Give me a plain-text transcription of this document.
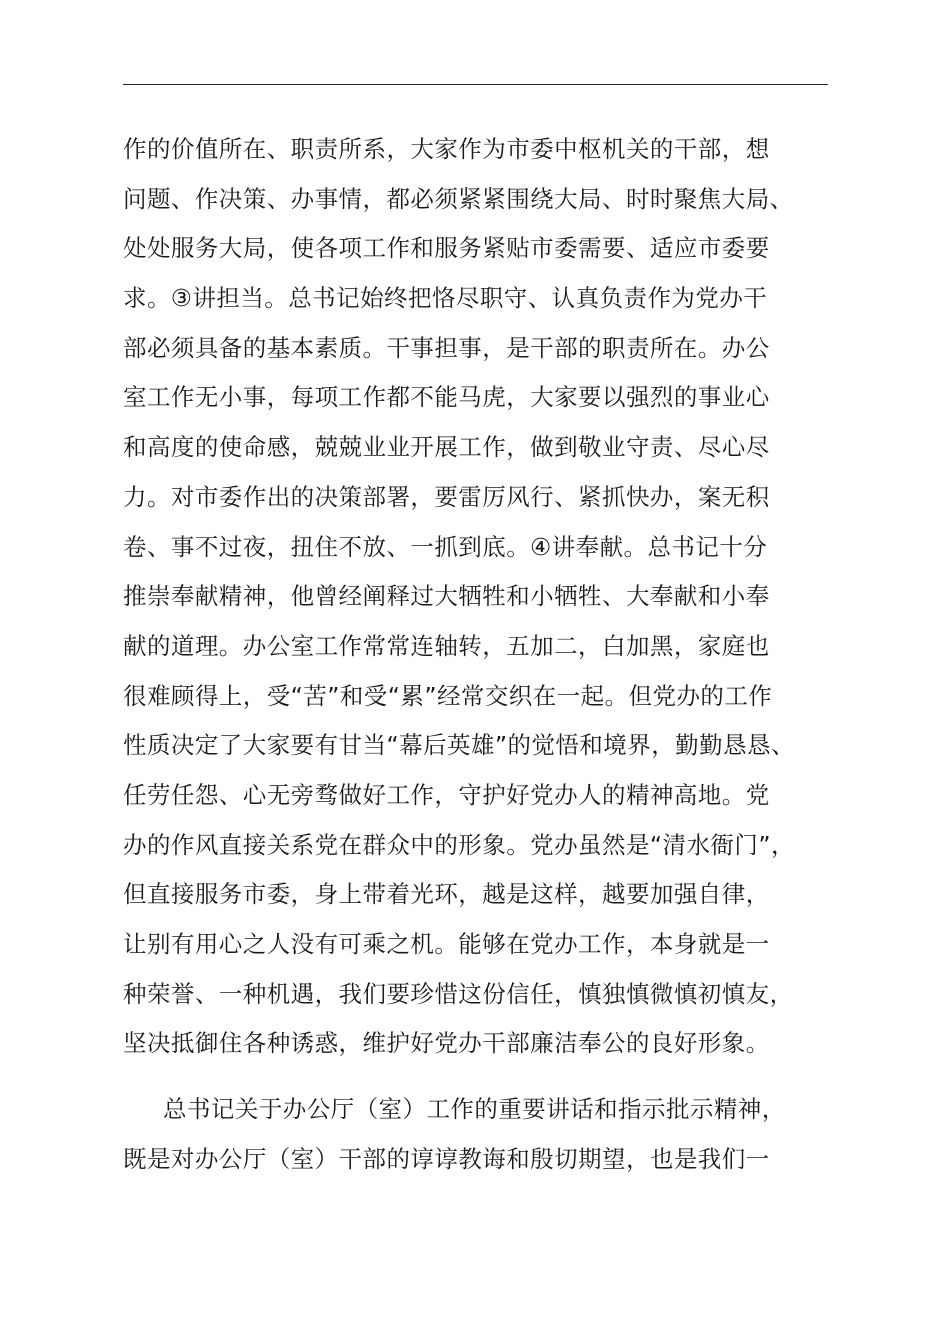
作的价值所在、职责所系，大家作为市委中枢机关的干部，想
问题、作决策、办事情，都必须紧紧围绕大局、时时聚焦大局、
处处服务大局，使各项工作和服务紧贴市委需要、适应市委要
求。③讲担当。总书记始终把恪尽职守、认真负责作为党办干
部必须具备的基本素质。干事担事，是干部的职责所在。办公
室工作无小事，每项工作都不能马虎，大家要以强烈的事业心
和高度的使命感，兢兢业业开展工作，做到敬业守责、尽心尽
力。对市委作出的决策部署，要雷厉风行、紧抓快办，案无积
卷、事不过夜，扭住不放、一抓到底。④讲奉献。总书记十分
推崇奉献精神，他曾经阐释过大牺牲和小牺牲、大奉献和小奉
献的道理。办公室工作常常连轴转，五加二，白加黑，家庭也
很难顾得上，受“苦”和受“累”经常交织在一起。但党办的工作
性质决定了大家要有甘当“幕后英雄”的觉悟和境界，勤勤恳恳、
任劳任怨、心无旁骛做好工作，守护好党办人的精神高地。党
办的作风直接关系党在群众中的形象。党办虽然是“清水衙门”，
但直接服务市委，身上带着光环，越是这样，越要加强自律，
让别有用心之人没有可乘之机。能够在党办工作，本身就是一
种荣誉、一种机遇，我们要珍惜这份信任，慎独慎微慎初慎友，
坚决抵御住各种诱惑，维护好党办干部廉洁奉公的良好形象。
总书记关于办公厅（室）工作的重要讲话和指示批示精神，
既是对办公厅（室）干部的谆谆教诲和殷切期望，也是我们一
